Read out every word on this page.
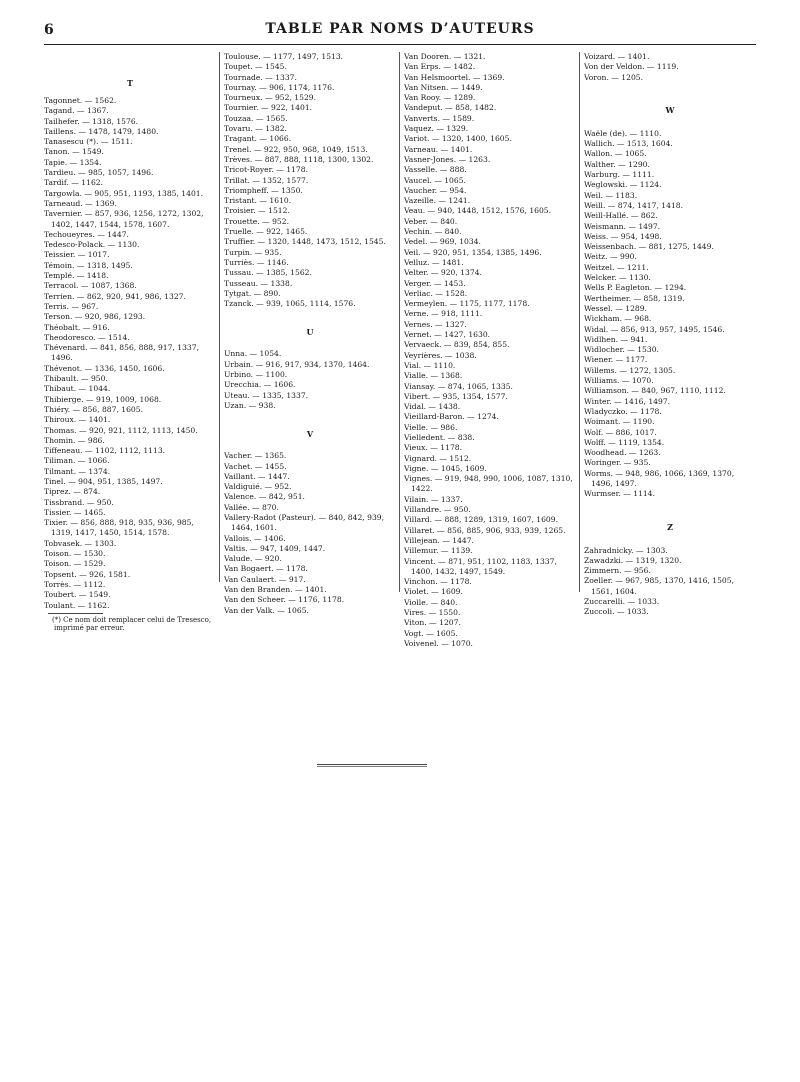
6	TABLE PAR NOMS D’AUTEURS
T
Tagonnet. — 1562.
Tagand. — 1367.
Tailhefer. — 1318, 1576.
Taillens. — 1478, 1479, 1480.
Tanasescu (*). — 1511.
Tanon. — 1549.
Tapie. — 1354.
Tardieu. — 985, 1057, 1496.
Tardif. — 1162.
Targowla. — 905, 951, 1193, 1385, 1401.
Tarneaud. — 1369.
Tavernier. — 857, 936, 1256, 1272, 1302, 1402, 1447, 1544, 1578, 1607.
Techoueyres. — 1447.
Tedesco-Polack. — 1130.
Teissier. — 1017.
Témoin. — 1318, 1495.
Templé. — 1418.
Terracol. — 1087, 1368.
Terrien. — 862, 920, 941, 986, 1327.
Terris. — 967.
Terson. — 920, 986, 1293.
Théobalt. — 916.
Theodoresco. — 1514.
Thévenard. — 841, 856, 888, 917, 1337, 1496.
Thévenot. — 1336, 1450, 1606.
Thibault. — 950.
Thibaut. — 1044.
Thibierge. — 919, 1009, 1068.
Thiéry. — 856, 887, 1605.
Thiroux. — 1401.
Thomas. — 920, 921, 1112, 1113, 1450.
Thomin. — 986.
Tiffeneau. — 1102, 1112, 1113.
Tiliman. — 1066.
Tilmant. — 1374.
Tinel. — 904, 951, 1385, 1497.
Tiprez. — 874.
Tissbrand. — 950.
Tissier. — 1465.
Tixier. — 856, 888, 918, 935, 936, 985, 1319, 1417, 1450, 1514, 1578.
Tobvasek. — 1303.
Toison. — 1530.
Toison. — 1529.
Topsent. — 926, 1581.
Torrès. — 1112.
Toubert. — 1549.
Toulant. — 1162.
(*) Ce nom doit remplacer celui de Tresesco, imprimé par erreur.
Toulouse. — 1177, 1497, 1513.
Toupet. — 1545.
Tournade. — 1337.
Tournay. — 906, 1174, 1176.
Tourneux. — 952, 1529.
Tournier. — 922, 1401.
Touzaa. — 1565.
Tovaru. — 1382.
Tragant. — 1066.
Trenel. — 922, 950, 968, 1049, 1513.
Trèves. — 887, 888, 1118, 1300, 1302.
Tricot-Royer. — 1178.
Trillat. — 1352, 1577.
Triompheff. — 1350.
Tristant. — 1610.
Troisier. — 1512.
Trouette. — 952.
Truelle. — 922, 1465.
Truffier. — 1320, 1448, 1473, 1512, 1545.
Turpin. — 935.
Turriès. — 1146.
Tussau. — 1385, 1562.
Tusseau. — 1338.
Tytgat. — 890.
Tzanck. — 939, 1065, 1114, 1576.
U
Unna. — 1054.
Urbain. — 916, 917, 934, 1370, 1464.
Urbino. — 1100.
Urecchia. — 1606.
Uteau. — 1335, 1337.
Uzan. — 938.
V
Vacher. — 1365.
Vachet. — 1455.
Vaillant. — 1447.
Valdiguié. — 952.
Valence. — 842, 951.
Vallée. — 870.
Vallery-Radot (Pasteur). — 840, 842, 939, 1464, 1601.
Vallois. — 1406.
Valtis. — 947, 1409, 1447.
Valude. — 920.
Van Bogaert. — 1178.
Van Caulaert. — 917.
Van den Branden. — 1401.
Van den Scheer. — 1176, 1178.
Van der Valk. — 1065.
Van Dooren. — 1321.
Van Erps. — 1482.
Van Helsmoortel. — 1369.
Van Nitsen. — 1449.
Van Rooy. — 1289.
Vandeput. — 858, 1482.
Vanverts. — 1589.
Vaquez. — 1329.
Variot. — 1320, 1400, 1605.
Varneau. — 1401.
Vasner-Jones. — 1263.
Vasselle. — 888.
Vaucel. — 1065.
Vaucher. — 954.
Vazeille. — 1241.
Veau. — 940, 1448, 1512, 1576, 1605.
Veber. — 840.
Vechin. — 840.
Vedel. — 969, 1034.
Veil. — 920, 951, 1354, 1385, 1496.
Velluz. — 1481.
Velter. — 920, 1374.
Verger. — 1453.
Verliac. — 1528.
Vermeylen. — 1175, 1177, 1178.
Verne. — 918, 1111.
Vernes. — 1327.
Vernet. — 1427, 1630.
Vervaeck. — 839, 854, 855.
Veyrières. — 1038.
Vial. — 1110.
Vialle. — 1368.
Viansay. — 874, 1065, 1335.
Vibert. — 935, 1354, 1577.
Vidal. — 1438.
Vieillard-Baron. — 1274.
Vielle. — 986.
Vielledent. — 838.
Vieux. — 1178.
Vignard. — 1512.
Vigne. — 1045, 1609.
Vignes. — 919, 948, 990, 1006, 1087, 1310, 1422.
Vilain. — 1337.
Villandre. — 950.
Villard. — 888, 1289, 1319, 1607, 1609.
Villaret. — 856, 885, 906, 933, 939, 1265.
Villejean. — 1447.
Villemur. — 1139.
Vincent. — 871, 951, 1102, 1183, 1337, 1400, 1432, 1497, 1549.
Vinchon. — 1178.
Violet. — 1609.
Violle. — 840.
Vires. — 1550.
Viton. — 1207.
Vogt. — 1605.
Voivenel. — 1070.
Voizard. — 1401.
Von der Veldon. — 1119.
Voron. — 1205.
W
Waële (de). — 1110.
Wallich. — 1513, 1604.
Wallon. — 1065.
Walther. — 1290.
Warburg. — 1111.
Weglowski. — 1124.
Weil. — 1183.
Weill. — 874, 1417, 1418.
Weill-Hallé. — 862.
Weismann. — 1497.
Weiss. — 954, 1498.
Weissenbach. — 881, 1275, 1449.
Weitz. — 990.
Weitzel. — 1211.
Welcker. — 1130.
Wells P. Eagleton. — 1294.
Wertheimer. — 858, 1319.
Wessel. — 1289.
Wickham. — 968.
Widal. — 856, 913, 957, 1495, 1546.
Widlhen. — 941.
Widlocher. — 1530.
Wiener. — 1177.
Willems. — 1272, 1305.
Williams. — 1070.
Williamson. — 840, 967, 1110, 1112.
Winter. — 1416, 1497.
Wladyczko. — 1178.
Woimant. — 1190.
Wolf. — 886, 1017.
Wolff. — 1119, 1354.
Woodhead. — 1263.
Woringer. — 935.
Worms. — 948, 986, 1066, 1369, 1370, 1496, 1497.
Wurmser. — 1114.
Z
Zahradnicky. — 1303.
Zawadzki. — 1319, 1320.
Zimmern. — 956.
Zoeller. — 967, 985, 1370, 1416, 1505, 1561, 1604.
Zuccarelli. — 1033.
Zuccoli. — 1033.
